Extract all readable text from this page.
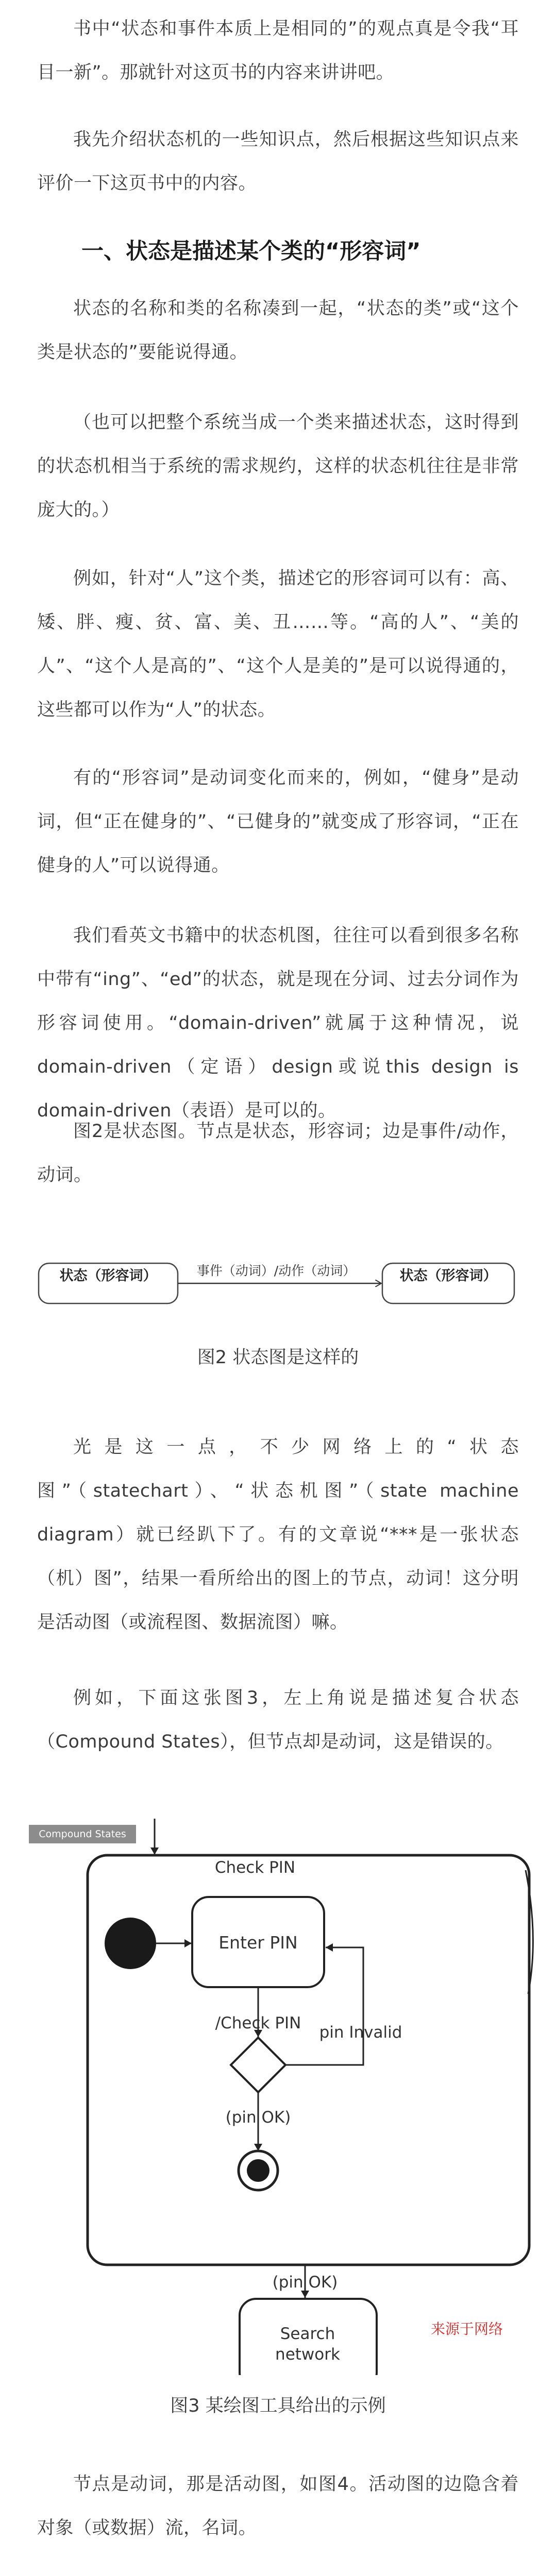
书中“状态和事件本质上是相同的”的观点真是令我“耳目一新”。那就针对这页书的内容来讲讲吧。

我先介绍状态机的一些知识点，然后根据这些知识点来评价一下这页书中的内容。

一、状态是描述某个类的“形容词”

状态的名称和类的名称凑到一起，“状态的类”或“这个类是状态的”要能说得通。

（也可以把整个系统当成一个类来描述状态，这时得到的状态机相当于系统的需求规约，这样的状态机往往是非常庞大的。）

例如，针对“人”这个类，描述它的形容词可以有：高、矮、胖、瘦、贫、富、美、丑……等。“高的人”、“美的人”、“这个人是高的”、“这个人是美的”是可以说得通的，这些都可以作为“人”的状态。

有的“形容词”是动词变化而来的，例如，“健身”是动词，但“正在健身的”、“已健身的”就变成了形容词，“正在健身的人”可以说得通。

我们看英文书籍中的状态机图，往往可以看到很多名称中带有“ing”、“ed”的状态，就是现在分词、过去分词作为形容词使用。“domain-driven”就属于这种情况，说domain-driven（定语）design或说this design is domain-driven（表语）是可以的。

图2是状态图。节点是状态，形容词；边是事件/动作，动词。

状态（形容词）	事件（动词）/动作（动词）	状态（形容词）

图2 状态图是这样的

光是这一点，不少网络上的“状态图”（statechart）、“状态机图”（state machine diagram）就已经趴下了。有的文章说“***是一张状态（机）图”，结果一看所给出的图上的节点，动词！这分明是活动图（或流程图、数据流图）嘛。

例如，下面这张图3，左上角说是描述复合状态（Compound States），但节点却是动词，这是错误的。

Compound States
Check PIN
Enter PIN
/Check PIN pin Invalid
(pin OK)
(pin OK)
Search
network
来源于网络

图3 某绘图工具给出的示例

节点是动词，那是活动图，如图4。活动图的边隐含着对象（或数据）流，名词。
